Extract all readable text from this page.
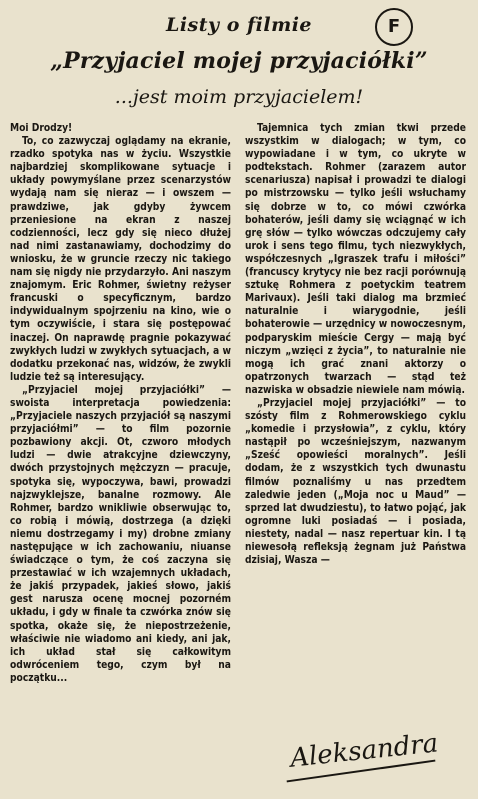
Listy o filmie	F
„Przyjaciel mojej przyjaciółki”
...jest moim przyjacielem!

Moi Drodzy!

To, co zazwyczaj oglądamy na ekranie, rzadko spotyka nas w życiu. Wszystkie najbardziej skomplikowane sytuacje i układy powymyślane przez scenarzystów wydają nam się nieraz — i owszem — prawdziwe, jak gdyby żywcem przeniesione na ekran z naszej codzienności, lecz gdy się nieco dłużej nad nimi zastanawiamy, dochodzimy do wniosku, że w gruncie rzeczy nic takiego nam się nigdy nie przydarzyło. Ani naszym znajomym. Eric Rohmer, świetny reżyser francuski o specyficznym, bardzo indywidualnym spojrzeniu na kino, wie o tym oczywiście, i stara się postępować inaczej. On naprawdę pragnie pokazywać zwykłych ludzi w zwykłych sytuacjach, a w dodatku przekonać nas, widzów, że zwykli ludzie też są interesujący.

„Przyjaciel mojej przyjaciółki” — swoista interpretacja powiedzenia: „Przyjaciele naszych przyjaciół są naszymi przyjaciółmi” — to film pozornie pozbawiony akcji. Ot, czworo młodych ludzi — dwie atrakcyjne dziewczyny, dwóch przystojnych mężczyzn — pracuje, spotyka się, wypoczywa, bawi, prowadzi najzwyklejsze, banalne rozmowy. Ale Rohmer, bardzo wnikliwie obserwując to, co robią i mówią, dostrzega (a dzięki niemu dostrzegamy i my) drobne zmiany następujące w ich zachowaniu, niuanse świadczące o tym, że coś zaczyna się przestawiać w ich wzajemnych układach, że jakiś przypadek, jakieś słowo, jakiś gest narusza ocenę mocnej pozorném układu, i gdy w finale ta czwórka znów się spotka, okaże się, że niepostrzeżenie, właściwie nie wiadomo ani kiedy, ani jak, ich układ stał się całkowitym odwróceniem tego, czym był na początku...

Tajemnica tych zmian tkwi przede wszystkim w dialogach; w tym, co wypowiadane i w tym, co ukryte w podtekstach. Rohmer (zarazem autor scenariusza) napisał i prowadzi te dialogi po mistrzowsku — tylko jeśli wsłuchamy się dobrze w to, co mówi czwórka bohaterów, jeśli damy się wciągnąć w ich grę słów — tylko wówczas odczujemy cały urok i sens tego filmu, tych niezwykłych, współczesnych „Igraszek trafu i miłości” (francuscy krytycy nie bez racji porównują sztukę Rohmera z poetyckim teatrem Marivaux). Jeśli taki dialog ma brzmieć naturalnie i wiarygodnie, jeśli bohaterowie — urzędnicy w nowoczesnym, podparyskim mieście Cergy — mają być niczym „wzięci z życia”, to naturalnie nie mogą ich grać znani aktorzy o opatrzonych twarzach — stąd też nazwiska w obsadzie niewiele nam mówią.

„Przyjaciel mojej przyjaciółki” — to szósty film z Rohmerowskiego cyklu „komedie i przysłowia”, z cyklu, który nastąpił po wcześniejszym, nazwanym „Sześć opowieści moralnych”. Jeśli dodam, że z wszystkich tych dwunastu filmów poznaliśmy u nas przedtem zaledwie jeden („Moja noc u Maud” — sprzed lat dwudziestu), to łatwo pojąć, jak ogromne luki posiadaś — i posiada, niestety, nadal — nasz repertuar kin. I tą niewesołą refleksją żegnam już Państwa dzisiaj, Wasza —

Aleksandra
